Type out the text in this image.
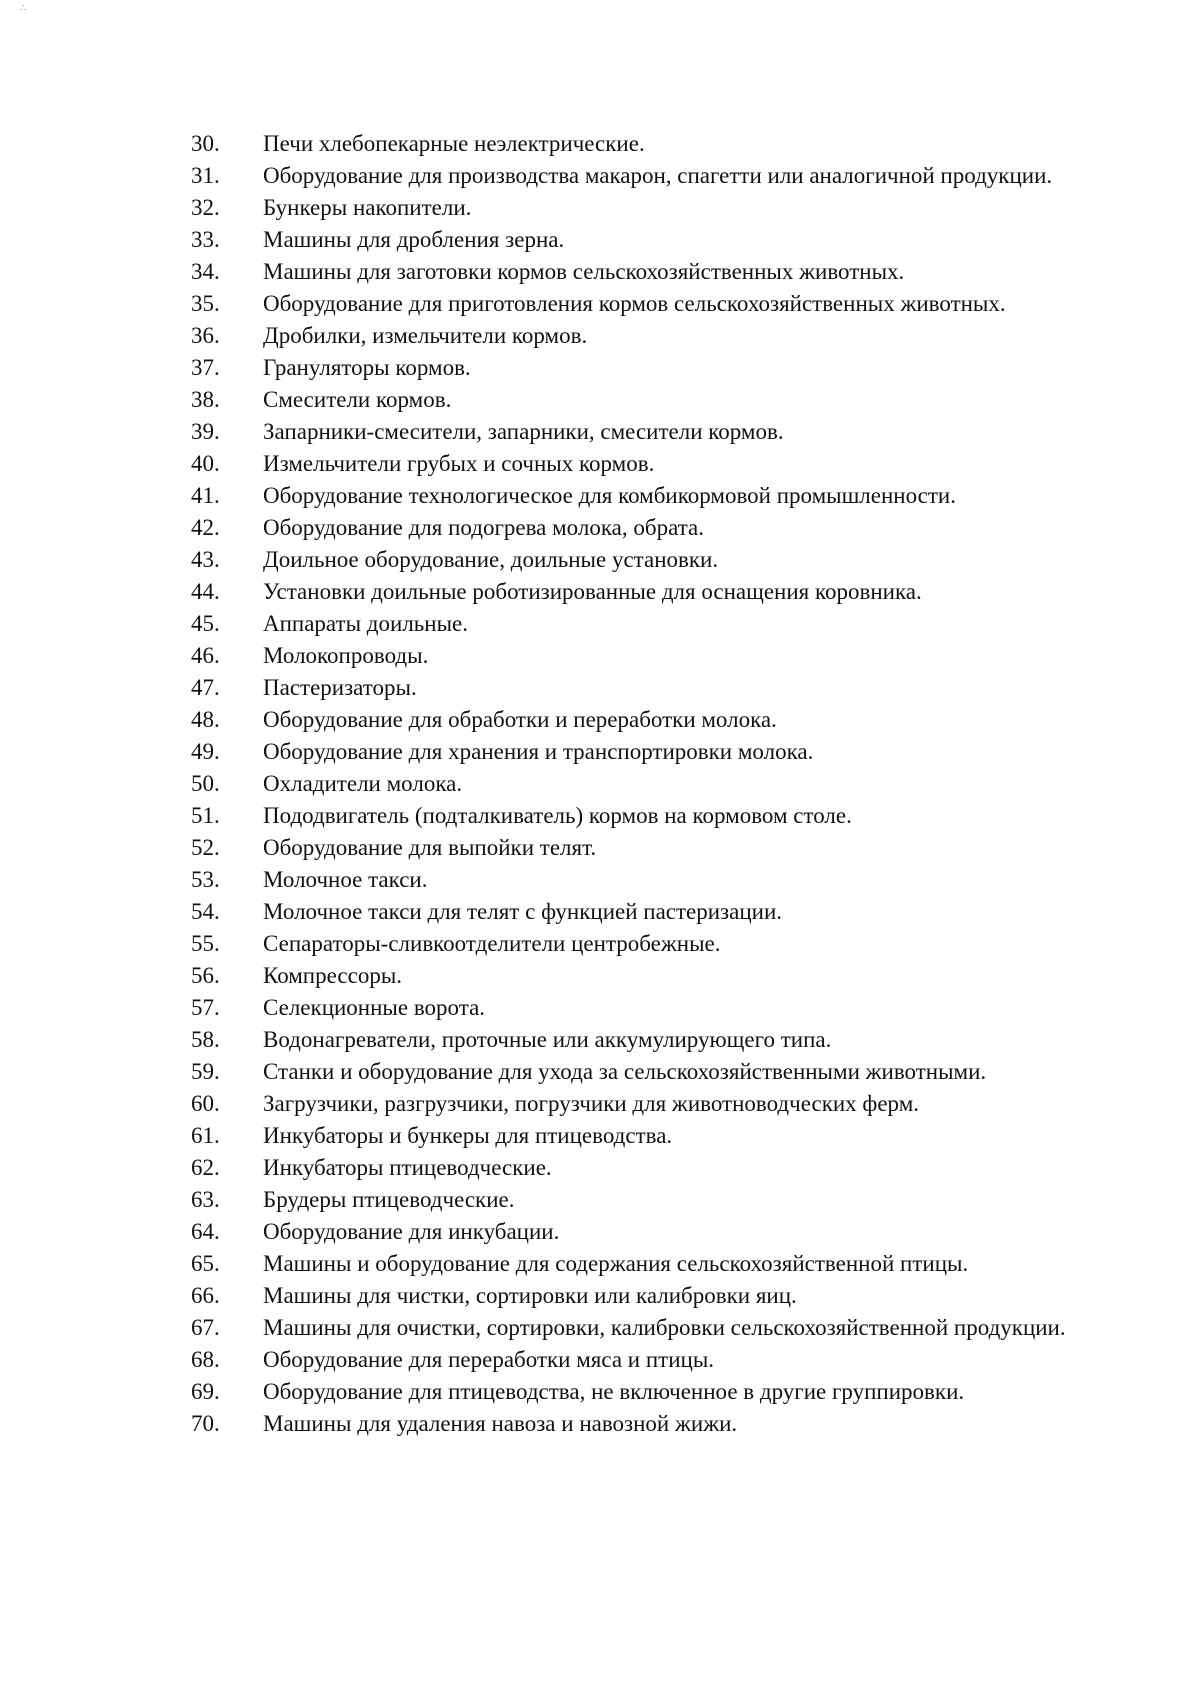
∴

30. Печи хлебопекарные неэлектрические.

31. Оборудование для производства макарон, спагетти или аналогичной продукции.

32. Бункеры накопители.

33. Машины для дробления зерна.

34. Машины для заготовки кормов сельскохозяйственных животных.

35. Оборудование для приготовления кормов сельскохозяйственных животных.

36. Дробилки, измельчители кормов.

37. Грануляторы кормов.

38. Смесители кормов.

39. Запарники-смесители, запарники, смесители кормов.

40. Измельчители грубых и сочных кормов.

41. Оборудование технологическое для комбикормовой промышленности.

42. Оборудование для подогрева молока, обрата.

43. Доильное оборудование, доильные установки.

44. Установки доильные роботизированные для оснащения коровника.

45. Аппараты доильные.

46. Молокопроводы.

47. Пастеризаторы.

48. Оборудование для обработки и переработки молока.

49. Оборудование для хранения и транспортировки молока.

50. Охладители молока.

51. Пододвигатель (подталкиватель) кормов на кормовом столе.

52. Оборудование для выпойки телят.

53. Молочное такси.

54. Молочное такси для телят с функцией пастеризации.

55. Сепараторы-сливкоотделители центробежные.

56. Компрессоры.

57. Селекционные ворота.

58. Водонагреватели, проточные или аккумулирующего типа.

59. Станки и оборудование для ухода за сельскохозяйственными животными.

60. Загрузчики, разгрузчики, погрузчики для животноводческих ферм.

61. Инкубаторы и бункеры для птицеводства.

62. Инкубаторы птицеводческие.

63. Брудеры птицеводческие.

64. Оборудование для инкубации.

65. Машины и оборудование для содержания сельскохозяйственной птицы.

66. Машины для чистки, сортировки или калибровки яиц.

67. Машины для очистки, сортировки, калибровки сельскохозяйственной продукции.

68. Оборудование для переработки мяса и птицы.

69. Оборудование для птицеводства, не включенное в другие группировки.

70. Машины для удаления навоза и навозной жижи.
